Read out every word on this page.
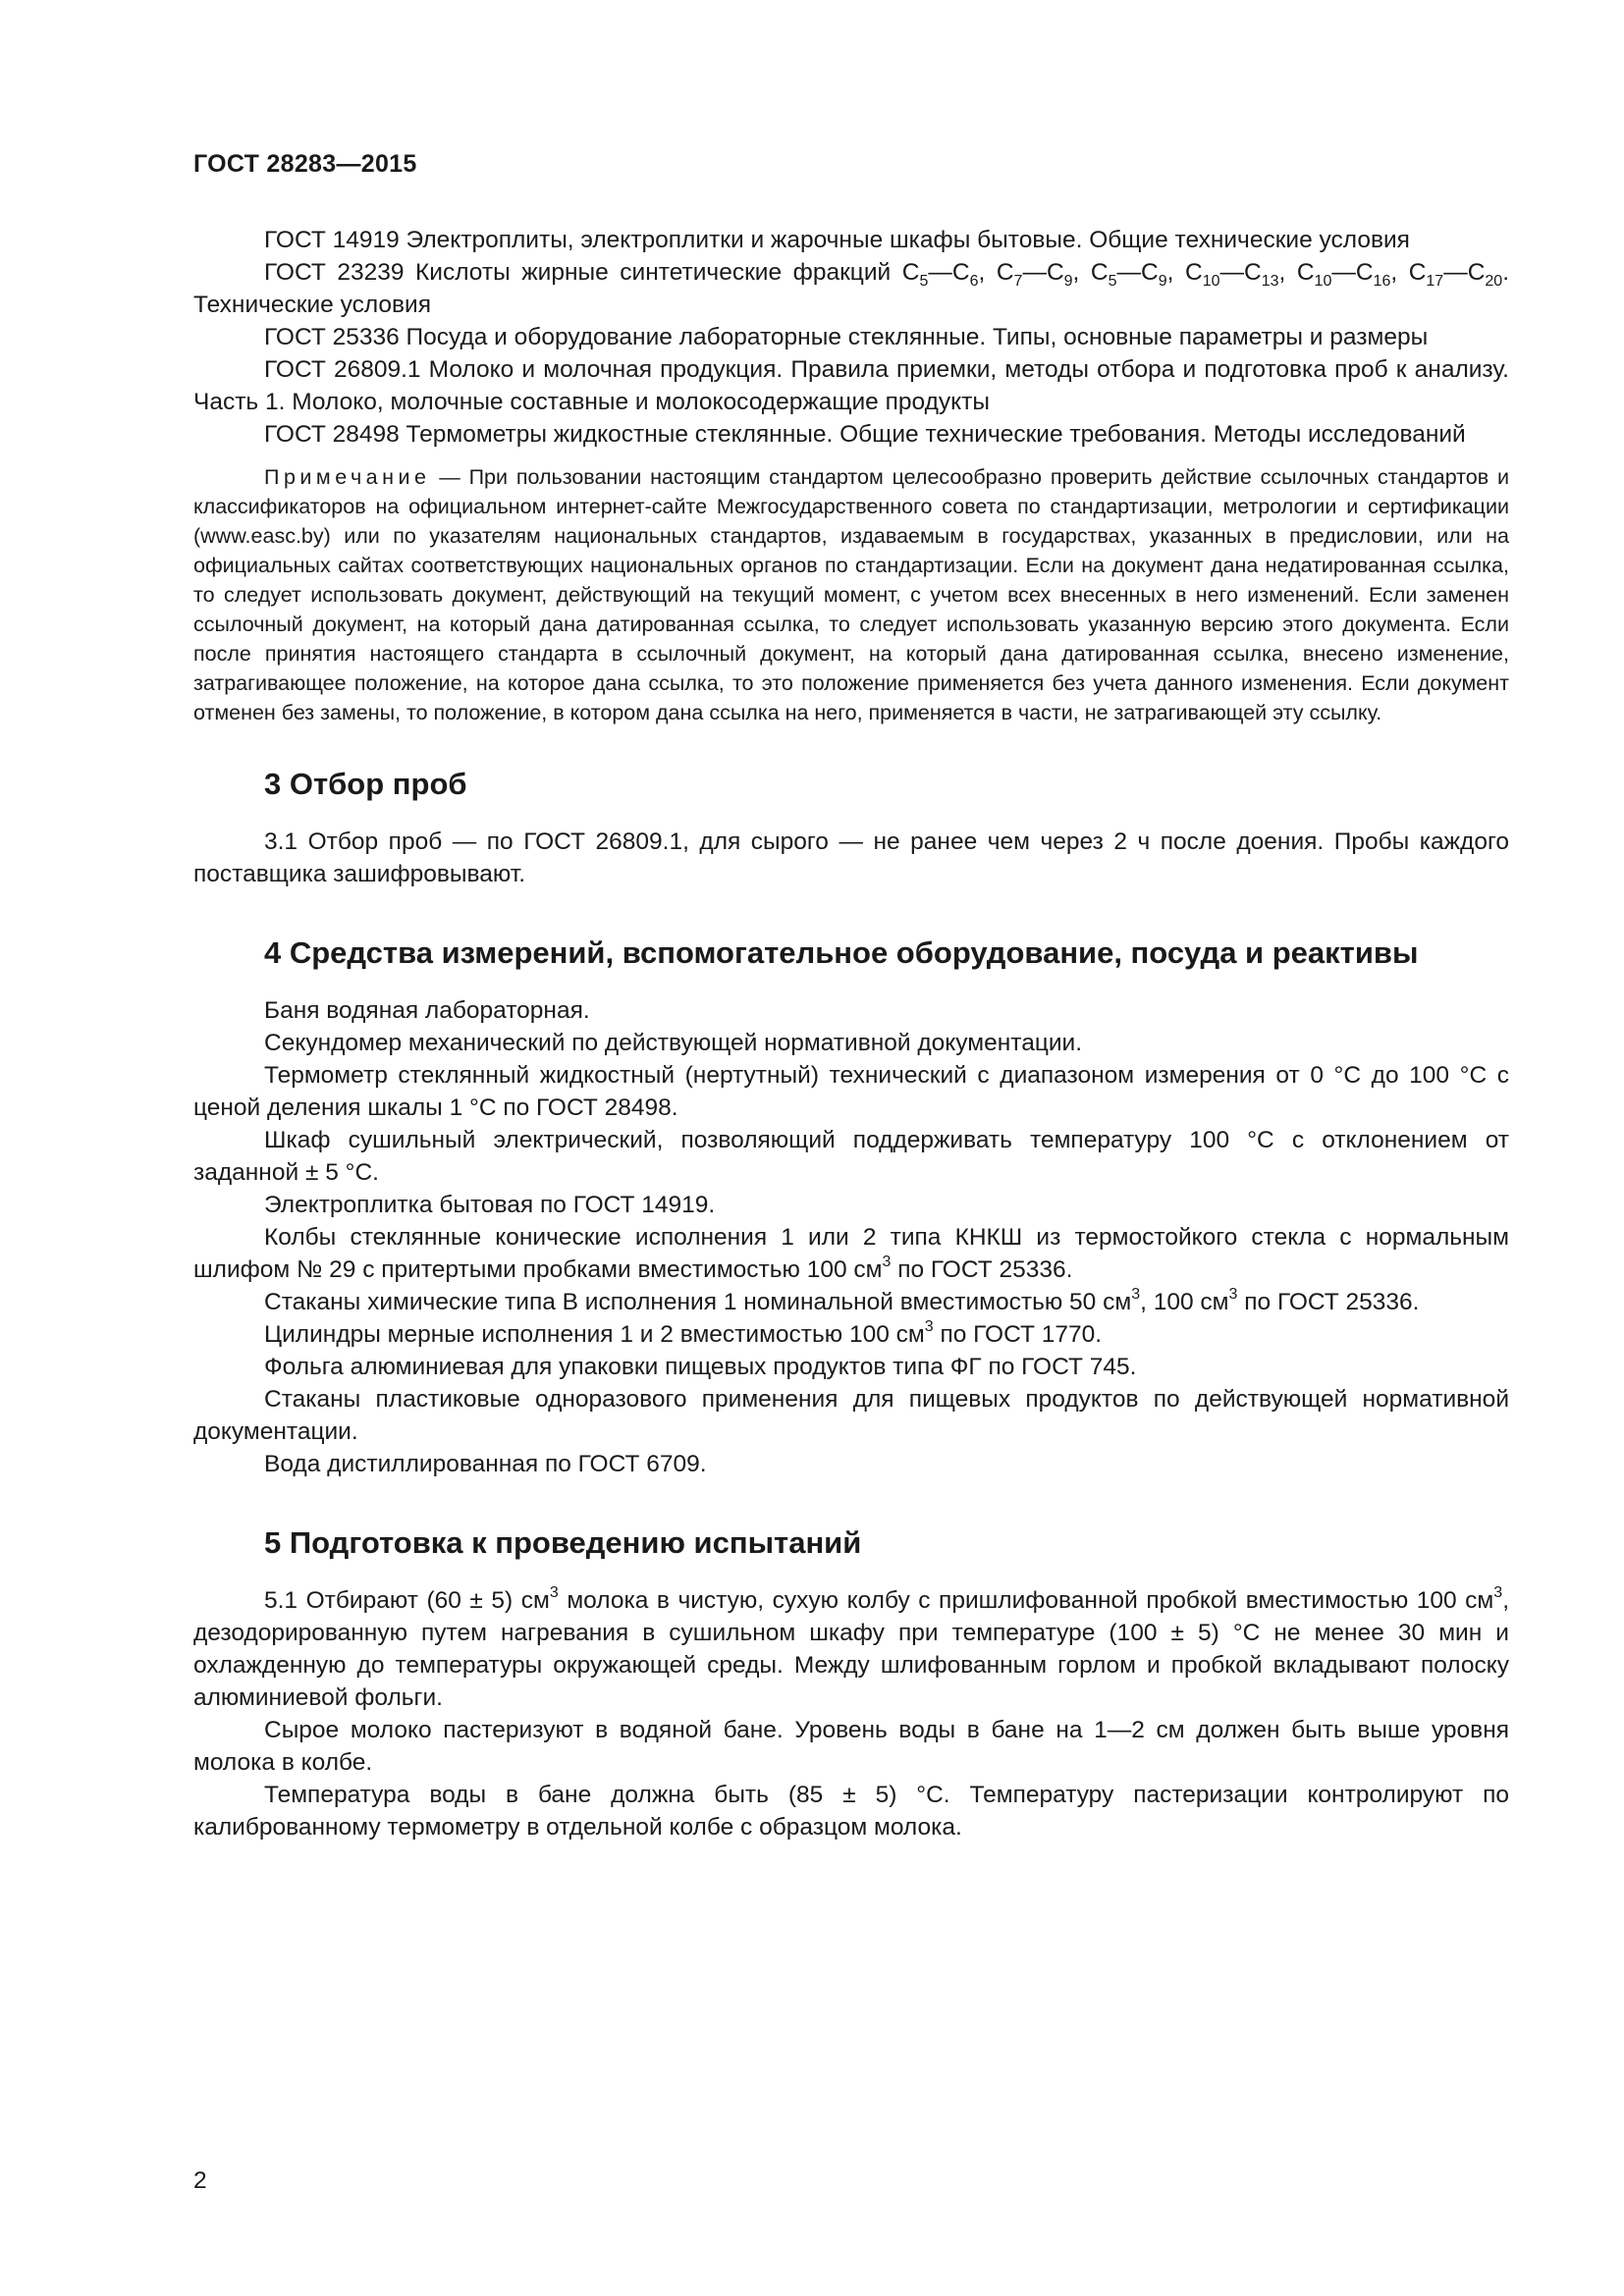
ГОСТ 28283—2015

ГОСТ 14919 Электроплиты, электроплитки и жарочные шкафы бытовые. Общие технические условия

ГОСТ 23239 Кислоты жирные синтетические фракций $С_5—С_6$, $С_7—С_9$, $С_5—С_9$, $С_{10}—С_{13}$, $С_{10}—С_{16}$, $С_{17}—С_{20}$. Технические условия

ГОСТ 25336 Посуда и оборудование лабораторные стеклянные. Типы, основные параметры и размеры

ГОСТ 26809.1 Молоко и молочная продукция. Правила приемки, методы отбора и подготовка проб к анализу. Часть 1. Молоко, молочные составные и молокосодержащие продукты

ГОСТ 28498 Термометры жидкостные стеклянные. Общие технические требования. Методы исследований

Примечание — При пользовании настоящим стандартом целесообразно проверить действие ссылочных стандартов и классификаторов на официальном интернет-сайте Межгосударственного совета по стандартизации, метрологии и сертификации (www.easc.by) или по указателям национальных стандартов, издаваемым в государствах, указанных в предисловии, или на официальных сайтах соответствующих национальных органов по стандартизации. Если на документ дана недатированная ссылка, то следует использовать документ, действующий на текущий момент, с учетом всех внесенных в него изменений. Если заменен ссылочный документ, на который дана датированная ссылка, то следует использовать указанную версию этого документа. Если после принятия настоящего стандарта в ссылочный документ, на который дана датированная ссылка, внесено изменение, затрагивающее положение, на которое дана ссылка, то это положение применяется без учета данного изменения. Если документ отменен без замены, то положение, в котором дана ссылка на него, применяется в части, не затрагивающей эту ссылку.

3 Отбор проб

3.1 Отбор проб — по ГОСТ 26809.1, для сырого — не ранее чем через 2 ч после доения. Пробы каждого поставщика зашифровывают.

4 Средства измерений, вспомогательное оборудование, посуда и реактивы

Баня водяная лабораторная.

Секундомер механический по действующей нормативной документации.

Термометр стеклянный жидкостный (нертутный) технический с диапазоном измерения от 0 °С до 100 °С с ценой деления шкалы 1 °С по ГОСТ 28498.

Шкаф сушильный электрический, позволяющий поддерживать температуру 100 °С с отклонением от заданной ± 5 °С.

Электроплитка бытовая по ГОСТ 14919.

Колбы стеклянные конические исполнения 1 или 2 типа КНКШ из термостойкого стекла с нормальным шлифом № 29 с притертыми пробками вместимостью 100 $см^3$ по ГОСТ 25336.

Стаканы химические типа В исполнения 1 номинальной вместимостью 50 $см^3$, 100 $см^3$ по ГОСТ 25336.

Цилиндры мерные исполнения 1 и 2 вместимостью 100 $см^3$ по ГОСТ 1770.

Фольга алюминиевая для упаковки пищевых продуктов типа ФГ по ГОСТ 745.

Стаканы пластиковые одноразового применения для пищевых продуктов по действующей нормативной документации.

Вода дистиллированная по ГОСТ 6709.

5 Подготовка к проведению испытаний

5.1 Отбирают (60 ± 5) $см^3$ молока в чистую, сухую колбу с пришлифованной пробкой вместимостью 100 $см^3$, дезодорированную путем нагревания в сушильном шкафу при температуре (100 ± 5) °С не менее 30 мин и охлажденную до температуры окружающей среды. Между шлифованным горлом и пробкой вкладывают полоску алюминиевой фольги.

Сырое молоко пастеризуют в водяной бане. Уровень воды в бане на 1—2 см должен быть выше уровня молока в колбе.

Температура воды в бане должна быть (85 ± 5) °С. Температуру пастеризации контролируют по калиброванному термометру в отдельной колбе с образцом молока.

2
